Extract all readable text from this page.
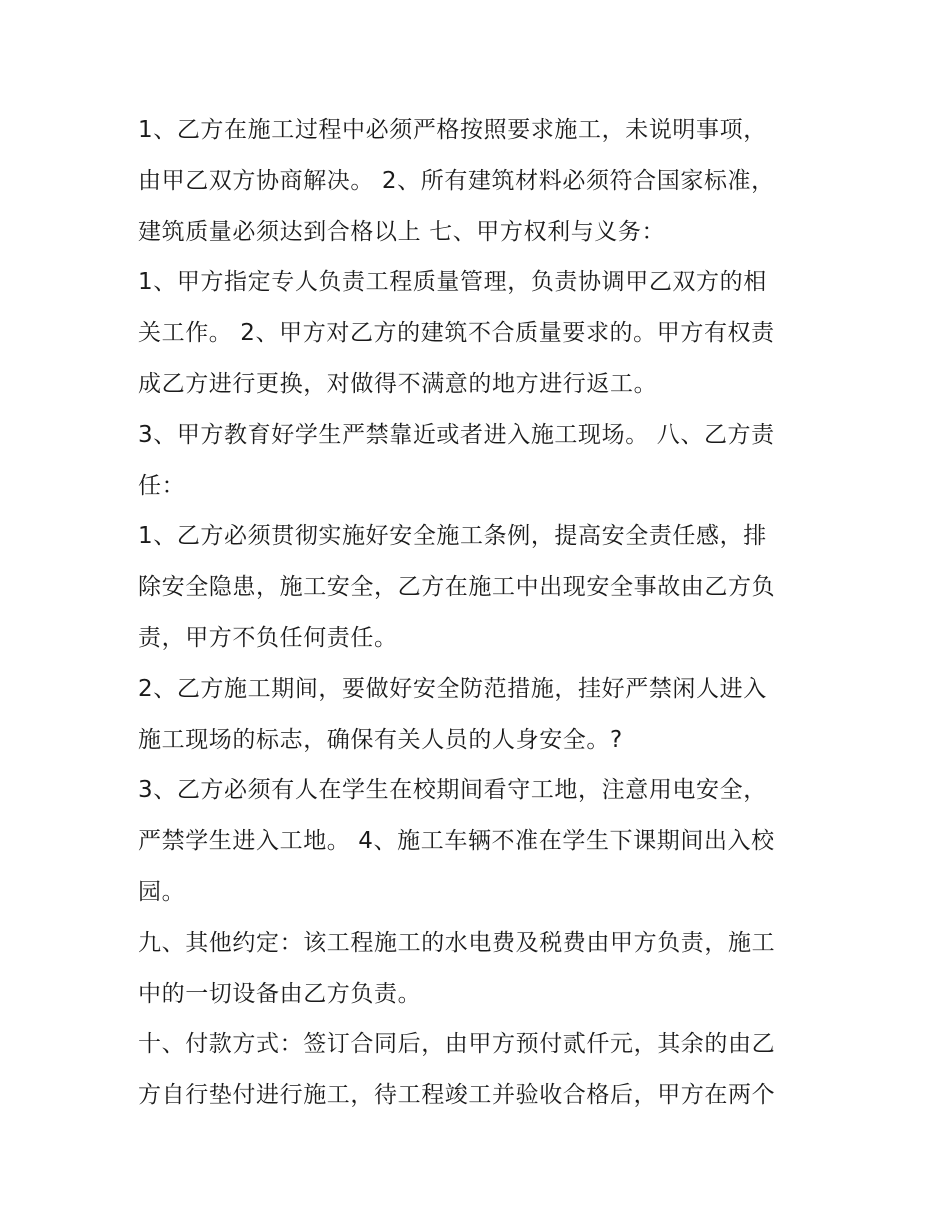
1、乙方在施工过程中必须严格按照要求施工，未说明事项，
由甲乙双方协商解决。 2、所有建筑材料必须符合国家标准，
建筑质量必须达到合格以上 七、甲方权利与义务：
1、甲方指定专人负责工程质量管理，负责协调甲乙双方的相
关工作。 2、甲方对乙方的建筑不合质量要求的。甲方有权责
成乙方进行更换，对做得不满意的地方进行返工。
3、甲方教育好学生严禁靠近或者进入施工现场。 八、乙方责
任：
1、乙方必须贯彻实施好安全施工条例，提高安全责任感，排
除安全隐患，施工安全，乙方在施工中出现安全事故由乙方负
责，甲方不负任何责任。
2、乙方施工期间，要做好安全防范措施，挂好严禁闲人进入
施工现场的标志，确保有关人员的人身安全。?
3、乙方必须有人在学生在校期间看守工地，注意用电安全，
严禁学生进入工地。 4、施工车辆不准在学生下课期间出入校
园。
九、其他约定：该工程施工的水电费及税费由甲方负责，施工
中的一切设备由乙方负责。
十、付款方式：签订合同后，由甲方预付贰仟元，其余的由乙
方自行垫付进行施工，待工程竣工并验收合格后，甲方在两个
